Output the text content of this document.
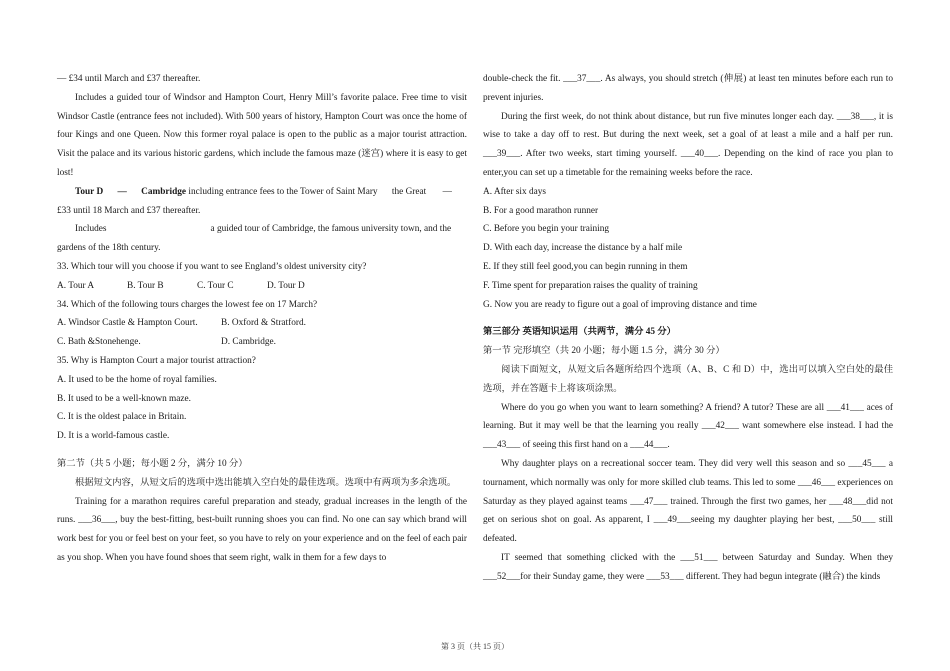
— £34 until March and £37 thereafter.

Includes a guided tour of Windsor and Hampton Court, Henry Mill’s favorite palace. Free time to visit Windsor Castle (entrance fees not included). With 500 years of history, Hampton Court was once the home of four Kings and one Queen. Now this former royal palace is open to the public as a major tourist attraction. Visit the palace and its various historic gardens, which include the famous maze (迷宫) where it is easy to get lost!

Tour D — Cambridge including entrance fees to the Tower of Saint Mary the Great —

£33 until 18 March and £37 thereafter.

Includes	a guided tour of Cambridge, the famous university town, and the

gardens of the 18th century.

33. Which tour will you choose if you want to see England’s oldest university city?

A. Tour A	B. Tour B	C. Tour C	D. Tour D

34. Which of the following tours charges the lowest fee on 17 March?

A. Windsor Castle & Hampton Court.	B. Oxford & Stratford.

C. Bath &Stonehenge.	D. Cambridge.

35. Why is Hampton Court a major tourist attraction?

A. It used to be the home of royal families.

B. It used to be a well-known maze.

C. It is the oldest palace in Britain.

D. It is a world-famous castle.

第二节（共 5 小题；每小题 2 分，满分 10 分）

根据短文内容，从短文后的选项中选出能填入空白处的最佳选项。选项中有两项为多余选项。

Training for a marathon requires careful preparation and steady, gradual increases in the length of the runs. ___36___, buy the best-fitting, best-built running shoes you can find. No one can say which brand will work best for you or feel best on your feet, so you have to rely on your experience and on the feel of each pair as you shop. When you have found shoes that seem right, walk in them for a few days to

double-check the fit. ___37___. As always, you should stretch (伸展) at least ten minutes before each run to prevent injuries.

During the first week, do not think about distance, but run five minutes longer each day. ___38___, it is wise to take a day off to rest. But during the next week, set a goal of at least a mile and a half per run. ___39___. After two weeks, start timing yourself. ___40___. Depending on the kind of race you plan to enter,you can set up a timetable for the remaining weeks before the race.

A. After six days

B. For a good marathon runner

C. Before you begin your training

D. With each day, increase the distance by a half mile

E. If they still feel good,you can begin running in them

F. Time spent for preparation raises the quality of training

G. Now you are ready to figure out a goal of improving distance and time

第三部分 英语知识运用（共两节，满分 45 分）

第一节 完形填空（共 20 小题；每小题 1.5 分，满分 30 分）

阅读下面短文，从短文后各题所给四个选项（A、B、C 和 D）中，选出可以填入空白处的最佳选项，并在答题卡上将该项涂黑。

Where do you go when you want to learn something? A friend? A tutor? These are all ___41___ aces of learning. But it may well be that the learning you really ___42___ want somewhere else instead. I had the ___43___ of seeing this first hand on a ___44___.

Why daughter plays on a recreational soccer team. They did very well this season and so ___45___ a tournament, which normally was only for more skilled club teams. This led to some ___46___ experiences on Saturday as they played against teams ___47___ trained. Through the first two games, her ___48___did not get on serious shot on goal. As apparent, I ___49___seeing my daughter playing her best, ___50___ still defeated.

IT seemed that something clicked with the ___51___ between Saturday and Sunday. When they ___52___for their Sunday game, they were ___53___ different. They had begun integrate (融合) the kinds

第 3 页（共 15 页）
